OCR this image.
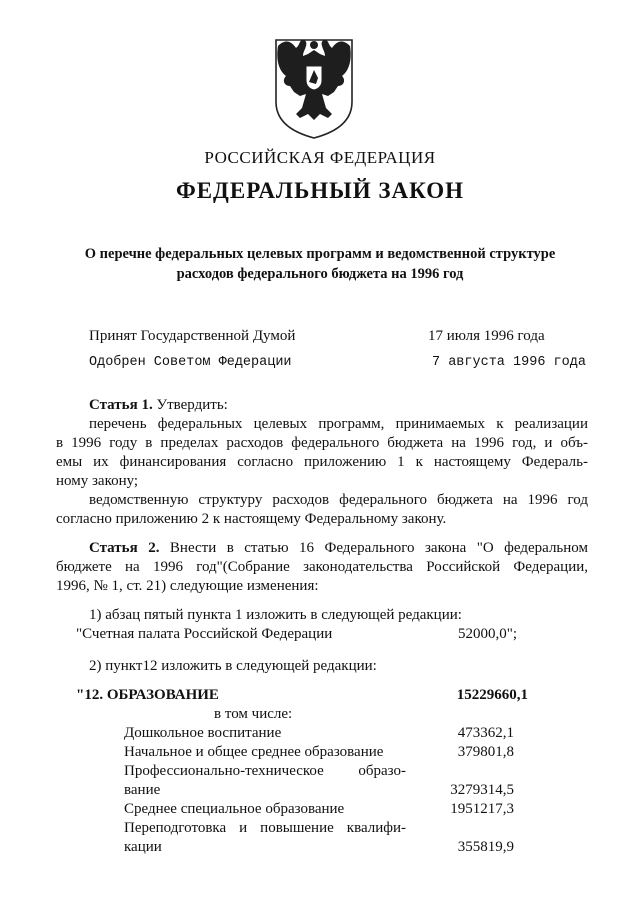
РОССИЙСКАЯ ФЕДЕРАЦИЯ
ФЕДЕРАЛЬНЫЙ ЗАКОН
О перечне федеральных целевых программ и ведомственной структуре
расходов федерального бюджета на 1996 год
Принят Государственной Думой	17 июля 1996 года
Одобрен Советом Федерации	7 августа 1996 года
Статья 1. Утвердить:
перечень федеральных целевых программ, принимаемых к реализации
в 1996 году в пределах расходов федерального бюджета на 1996 год, и объ-
емы их финансирования согласно приложению 1 к настоящему Федераль-
ному закону;
ведомственную структуру расходов федерального бюджета на 1996 год
согласно приложению 2 к настоящему Федеральному закону.
Статья 2. Внести в статью 16 Федерального закона "О федеральном
бюджете на 1996 год"(Собрание законодательства Российской Федерации,
1996, № 1, ст. 21) следующие изменения:
1) абзац пятый пункта 1 изложить в следующей редакции:
"Счетная палата Российской Федерации	52000,0";
2) пункт12 изложить в следующей редакции:
"12. ОБРАЗОВАНИЕ	15229660,1
в том числе:
Дошкольное воспитание	473362,1
Начальное и общее среднее образование	379801,8
Профессионально-техническое образо-
вание	3279314,5
Среднее специальное образование	1951217,3
Переподготовка и повышение квалифи-
кации	355819,9
